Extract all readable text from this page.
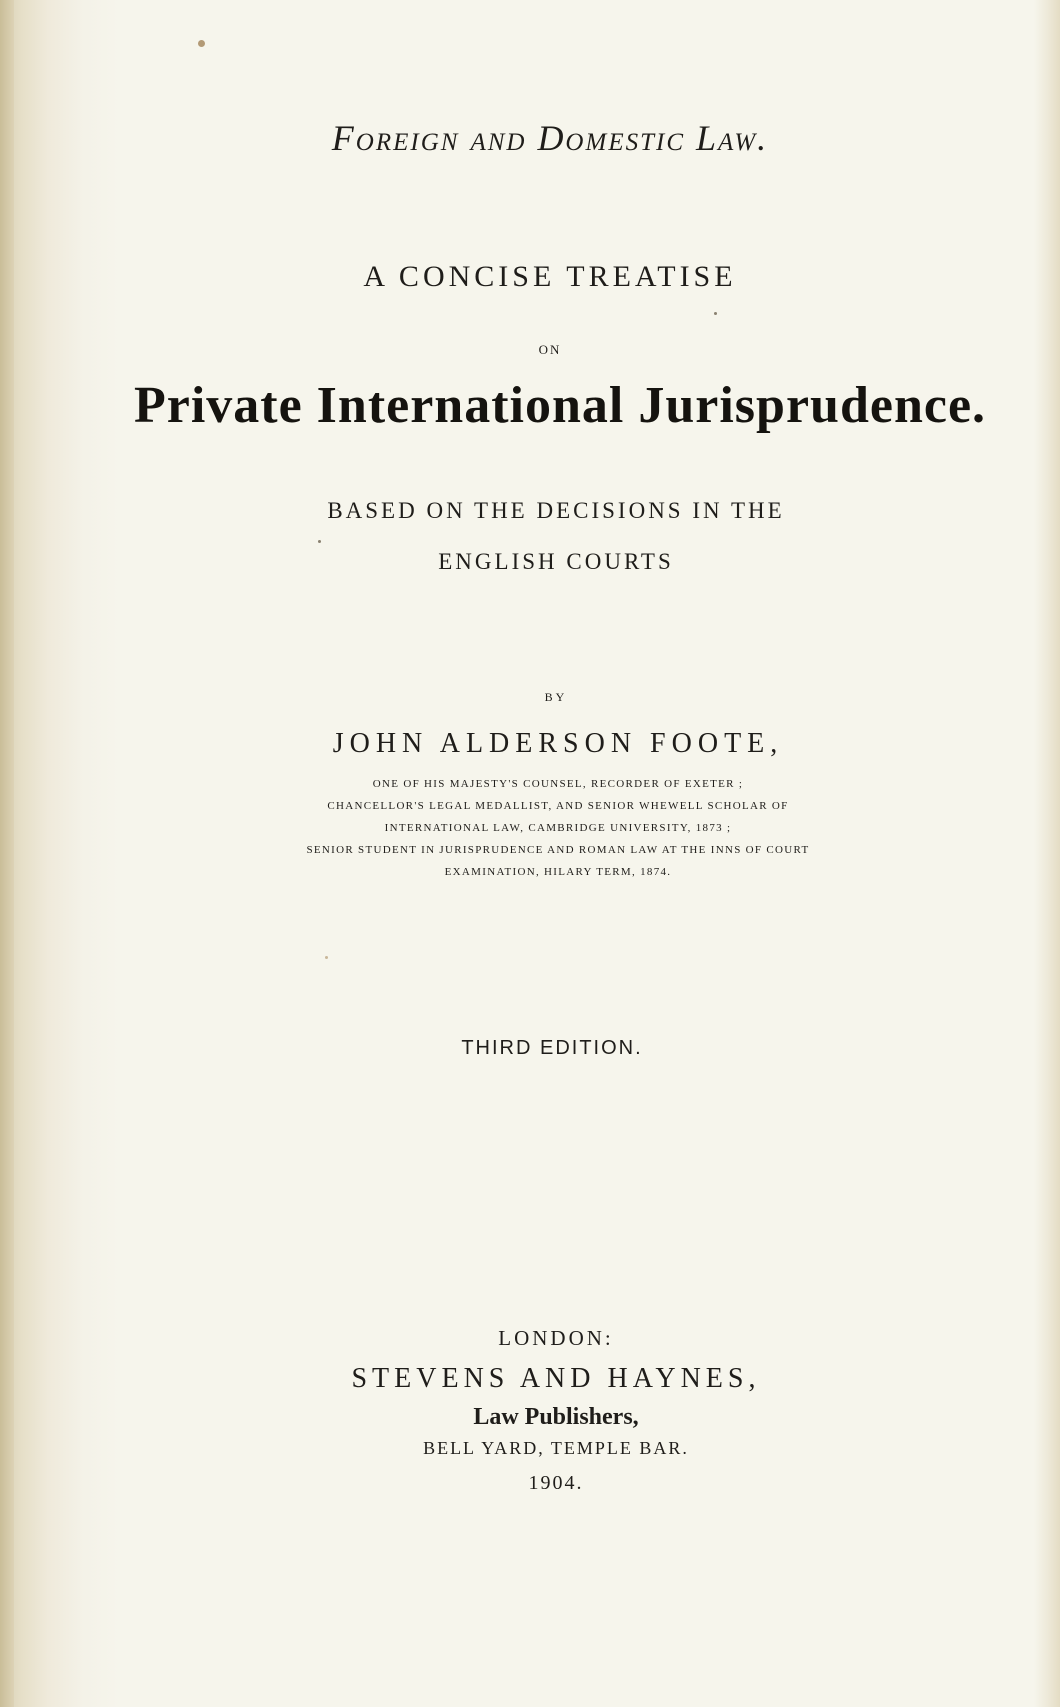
Foreign and Domestic Law.
A CONCISE TREATISE
ON
Private International Jurisprudence.
BASED ON THE DECISIONS IN THE
ENGLISH COURTS
BY
JOHN ALDERSON FOOTE,
ONE OF HIS MAJESTY'S COUNSEL, RECORDER OF EXETER ;
CHANCELLOR'S LEGAL MEDALLIST, AND SENIOR WHEWELL SCHOLAR OF
INTERNATIONAL LAW, CAMBRIDGE UNIVERSITY, 1873 ;
SENIOR STUDENT IN JURISPRUDENCE AND ROMAN LAW AT THE INNS OF COURT
EXAMINATION, HILARY TERM, 1874.
THIRD EDITION.
LONDON:
STEVENS AND HAYNES,
Law Publishers,
BELL YARD, TEMPLE BAR.
1904.
